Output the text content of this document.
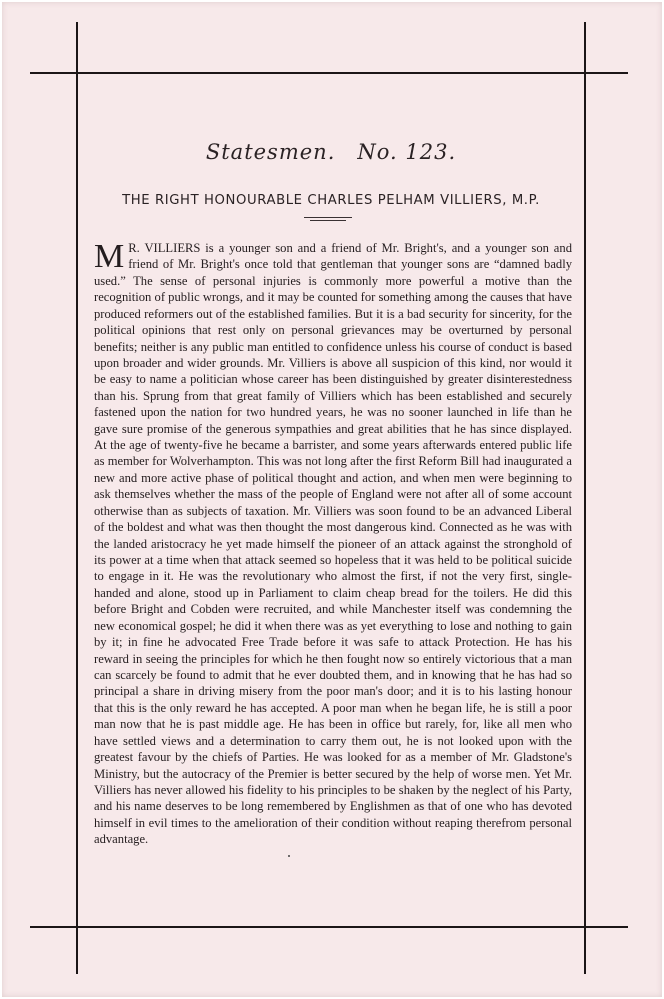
Statesmen. No. 123.
THE RIGHT HONOURABLE CHARLES PELHAM VILLIERS, M.P.

M R. VILLIERS is a younger son and a friend of Mr. Bright's, and a younger son and friend of Mr. Bright's once told that gentleman that younger sons are “damned badly used.” The sense of personal injuries is commonly more powerful a motive than the recognition of public wrongs, and it may be counted for something among the causes that have produced reformers out of the established families. But it is a bad security for sincerity, for the political opinions that rest only on personal grievances may be overturned by personal benefits; neither is any public man entitled to confidence unless his course of conduct is based upon broader and wider grounds. Mr. Villiers is above all suspicion of this kind, nor would it be easy to name a politician whose career has been distinguished by greater disinterestedness than his. Sprung from that great family of Villiers which has been established and securely fastened upon the nation for two hundred years, he was no sooner launched in life than he gave sure promise of the generous sympathies and great abilities that he has since displayed. At the age of twenty-five he became a barrister, and some years afterwards entered public life as member for Wolverhampton. This was not long after the first Reform Bill had inaugurated a new and more active phase of political thought and action, and when men were beginning to ask themselves whether the mass of the people of England were not after all of some account otherwise than as subjects of taxation. Mr. Villiers was soon found to be an advanced Liberal of the boldest and what was then thought the most dangerous kind. Connected as he was with the landed aristocracy he yet made himself the pioneer of an attack against the stronghold of its power at a time when that attack seemed so hopeless that it was held to be political suicide to engage in it. He was the revolutionary who almost the first, if not the very first, single-handed and alone, stood up in Parliament to claim cheap bread for the toilers. He did this before Bright and Cobden were recruited, and while Manchester itself was condemning the new economical gospel; he did it when there was as yet everything to lose and nothing to gain by it; in fine he advocated Free Trade before it was safe to attack Protection. He has his reward in seeing the principles for which he then fought now so entirely victorious that a man can scarcely be found to admit that he ever doubted them, and in knowing that he has had so principal a share in driving misery from the poor man's door; and it is to his lasting honour that this is the only reward he has accepted. A poor man when he began life, he is still a poor man now that he is past middle age. He has been in office but rarely, for, like all men who have settled views and a determination to carry them out, he is not looked upon with the greatest favour by the chiefs of Parties. He was looked for as a member of Mr. Gladstone's Ministry, but the autocracy of the Premier is better secured by the help of worse men. Yet Mr. Villiers has never allowed his fidelity to his principles to be shaken by the neglect of his Party, and his name deserves to be long remembered by Englishmen as that of one who has devoted himself in evil times to the amelioration of their condition without reaping therefrom personal advantage.
